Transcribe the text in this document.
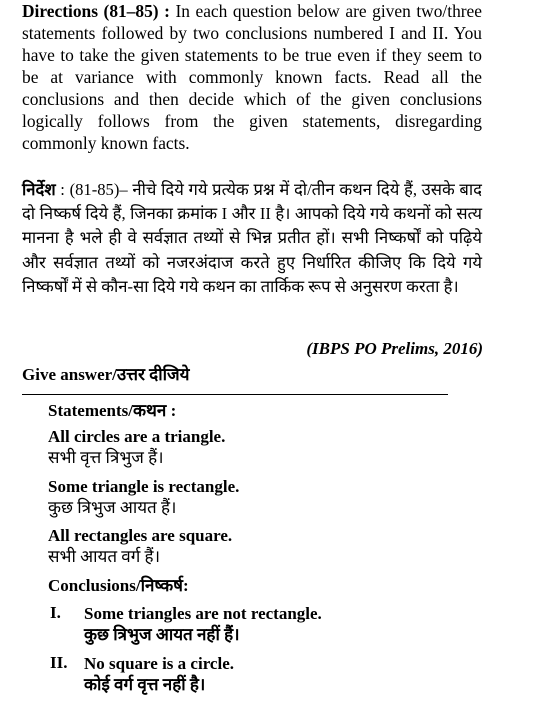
Directions (81–85) : In each question below are given two/three statements followed by two conclusions numbered I and II. You have to take the given statements to be true even if they seem to be at variance with commonly known facts. Read all the conclusions and then decide which of the given conclusions logically follows from the given statements, disregarding commonly known facts.
निर्देश : (81-85)– नीचे दिये गये प्रत्येक प्रश्न में दो/तीन कथन दिये हैं, उसके बाद दो निष्कर्ष दिये हैं, जिनका क्रमांक I और II है। आपको दिये गये कथनों को सत्य मानना है भले ही वे सर्वज्ञात तथ्यों से भिन्न प्रतीत हों। सभी निष्कर्षों को पढ़िये और सर्वज्ञात तथ्यों को नजरअंदाज करते हुए निर्धारित कीजिए कि दिये गये निष्कर्षों में से कौन-सा दिये गये कथन का तार्किक रूप से अनुसरण करता है।
(IBPS PO Prelims, 2016)
Give answer/उत्तर दीजिये
Statements/कथन :
All circles are a triangle.
सभी वृत्त त्रिभुज हैं।
Some triangle is rectangle.
कुछ त्रिभुज आयत हैं।
All rectangles are square.
सभी आयत वर्ग हैं।
Conclusions/निष्कर्ष:
I. Some triangles are not rectangle.
कुछ त्रिभुज आयत नहीं हैं।
II. No square is a circle.
कोई वर्ग वृत्त नहीं है।
